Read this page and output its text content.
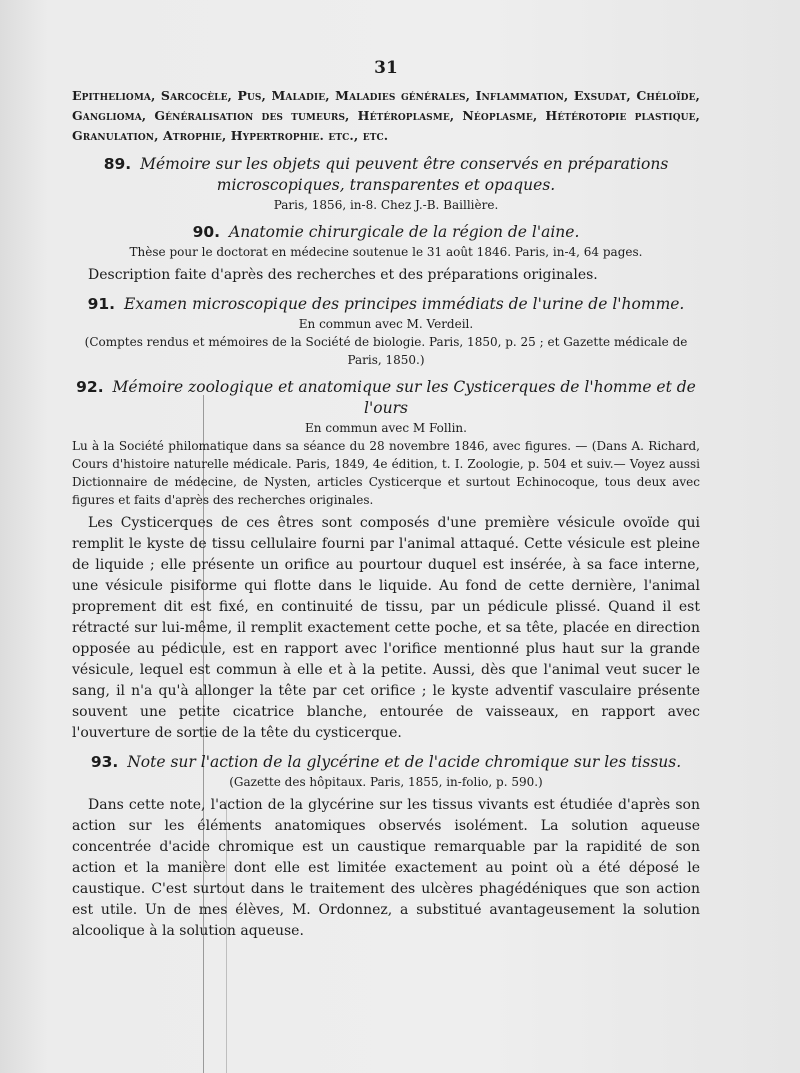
31
Epithelioma, Sarcocèle, Pus, Maladie, Maladies générales, Inflammation, Exsudat, Chéloïde, Ganglioma, Généralisation des tumeurs, Hétéroplasme, Néoplasme, Hétérotopie plastique, Granulation, Atrophie, Hypertrophie. etc., etc.
89. Mémoire sur les objets qui peuvent être conservés en préparations microscopiques, transparentes et opaques.
Paris, 1856, in-8. Chez J.-B. Baillière.
90. Anatomie chirurgicale de la région de l'aine.
Thèse pour le doctorat en médecine soutenue le 31 août 1846. Paris, in-4, 64 pages.
Description faite d'après des recherches et des préparations originales.
91. Examen microscopique des principes immédiats de l'urine de l'homme.
En commun avec M. Verdeil.
(Comptes rendus et mémoires de la Société de biologie. Paris, 1850, p. 25 ; et Gazette médicale de Paris, 1850.)
92. Mémoire zoologique et anatomique sur les Cysticerques de l'homme et de l'ours
En commun avec M Follin.
Lu à la Société philomatique dans sa séance du 28 novembre 1846, avec figures. — (Dans A. Richard, Cours d'histoire naturelle médicale. Paris, 1849, 4e édition, t. I. Zoologie, p. 504 et suiv.— Voyez aussi Dictionnaire de médecine, de Nysten, articles Cysticerque et surtout Echinocoque, tous deux avec figures et faits d'après des recherches originales.
Les Cysticerques de ces êtres sont composés d'une première vésicule ovoïde qui remplit le kyste de tissu cellulaire fourni par l'animal attaqué. Cette vésicule est pleine de liquide ; elle présente un orifice au pourtour duquel est insérée, à sa face interne, une vésicule pisiforme qui flotte dans le liquide. Au fond de cette dernière, l'animal proprement dit est fixé, en continuité de tissu, par un pédicule plissé. Quand il est rétracté sur lui-même, il remplit exactement cette poche, et sa tête, placée en direction opposée au pédicule, est en rapport avec l'orifice mentionné plus haut sur la grande vésicule, lequel est commun à elle et à la petite. Aussi, dès que l'animal veut sucer le sang, il n'a qu'à allonger la tête par cet orifice ; le kyste adventif vasculaire présente souvent une petite cicatrice blanche, entourée de vaisseaux, en rapport avec l'ouverture de sortie de la tête du cysticerque.
93. Note sur l'action de la glycérine et de l'acide chromique sur les tissus.
(Gazette des hôpitaux. Paris, 1855, in-folio, p. 590.)
Dans cette note, l'action de la glycérine sur les tissus vivants est étudiée d'après son action sur les éléments anatomiques observés isolément. La solution aqueuse concentrée d'acide chromique est un caustique remarquable par la rapidité de son action et la manière dont elle est limitée exactement au point où a été déposé le caustique. C'est surtout dans le traitement des ulcères phagédéniques que son action est utile. Un de mes élèves, M. Ordonnez, a substitué avantageusement la solution alcoolique à la solution aqueuse.
